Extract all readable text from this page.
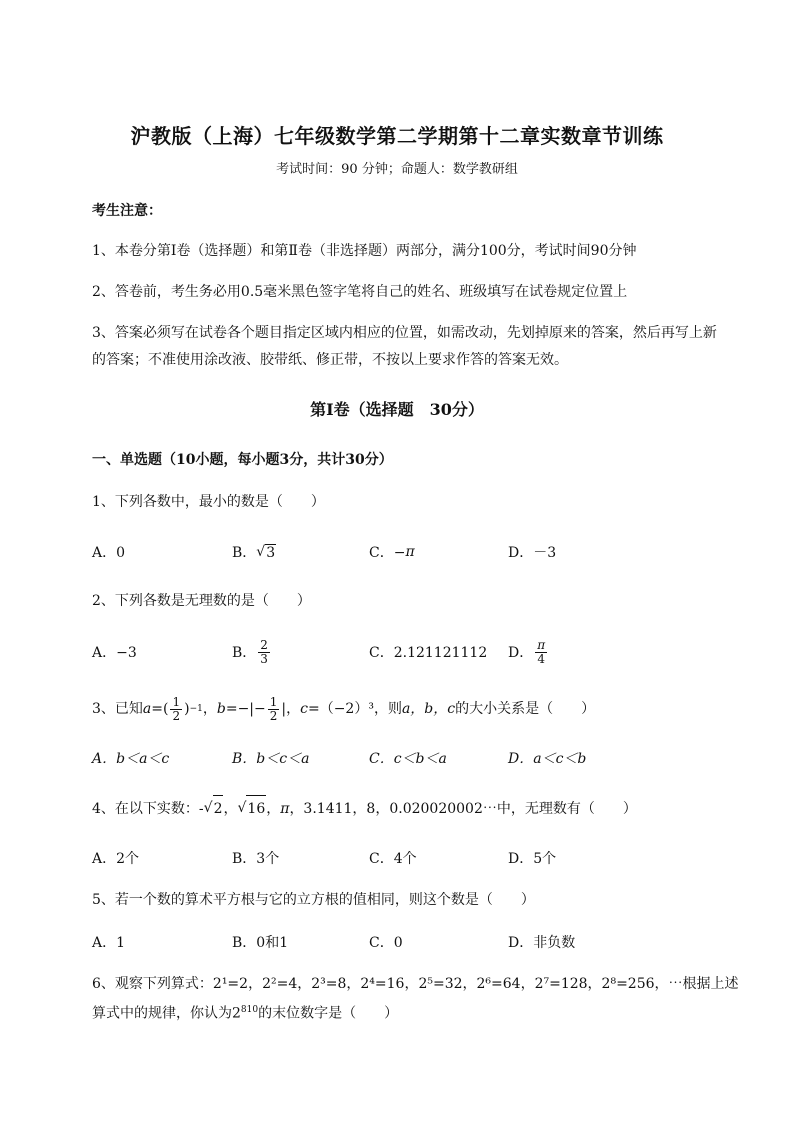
沪教版（上海）七年级数学第二学期第十二章实数章节训练
考试时间：90 分钟；命题人：数学教研组
考生注意：
1、本卷分第Ⅰ卷（选择题）和第Ⅱ卷（非选择题）两部分，满分100分，考试时间90分钟
2、答卷前，考生务必用0.5毫米黑色签字笔将自己的姓名、班级填写在试卷规定位置上
3、答案必须写在试卷各个题目指定区域内相应的位置，如需改动，先划掉原来的答案，然后再写上新
的答案；不准使用涂改液、胶带纸、修正带，不按以上要求作答的答案无效。
第Ⅰ卷（选择题　30分）
一、单选题（10小题，每小题3分，共计30分）
1、下列各数中，最小的数是（　　）
A．0	B． √ 3	C．− π	D．－3
2、下列各数是无理数的是（　　）
A．−3	B． $\frac{2}{3}$	C．2.121121112 D． $\frac{\pi}{4}$
3、已知 a =( $\frac{1}{2}$ ) −1 ， b =−|− $\frac{1}{2}$ |， c =（−2）³，则 a，b，c 的大小关系是（　　）
A．b＜a＜c	B．b＜c＜a	C．c＜b＜a	D．a＜c＜b
4、在以下实数：- √ 2 ， √ 16 ， π ，3.1411，8，0.020020002⋯中，无理数有（　　）
A．2个	B．3个	C．4个	D．5个
5、若一个数的算术平方根与它的立方根的值相同，则这个数是（　　）
A．1	B．0和1	C．0	D．非负数
6、观察下列算式：2¹=2，2²=4，2³=8，2⁴=16，2⁵=32，2⁶=64，2⁷=128，2⁸=256，⋯根据上述
算式中的规律，你认为$2^{810}$的末位数字是（　　）
